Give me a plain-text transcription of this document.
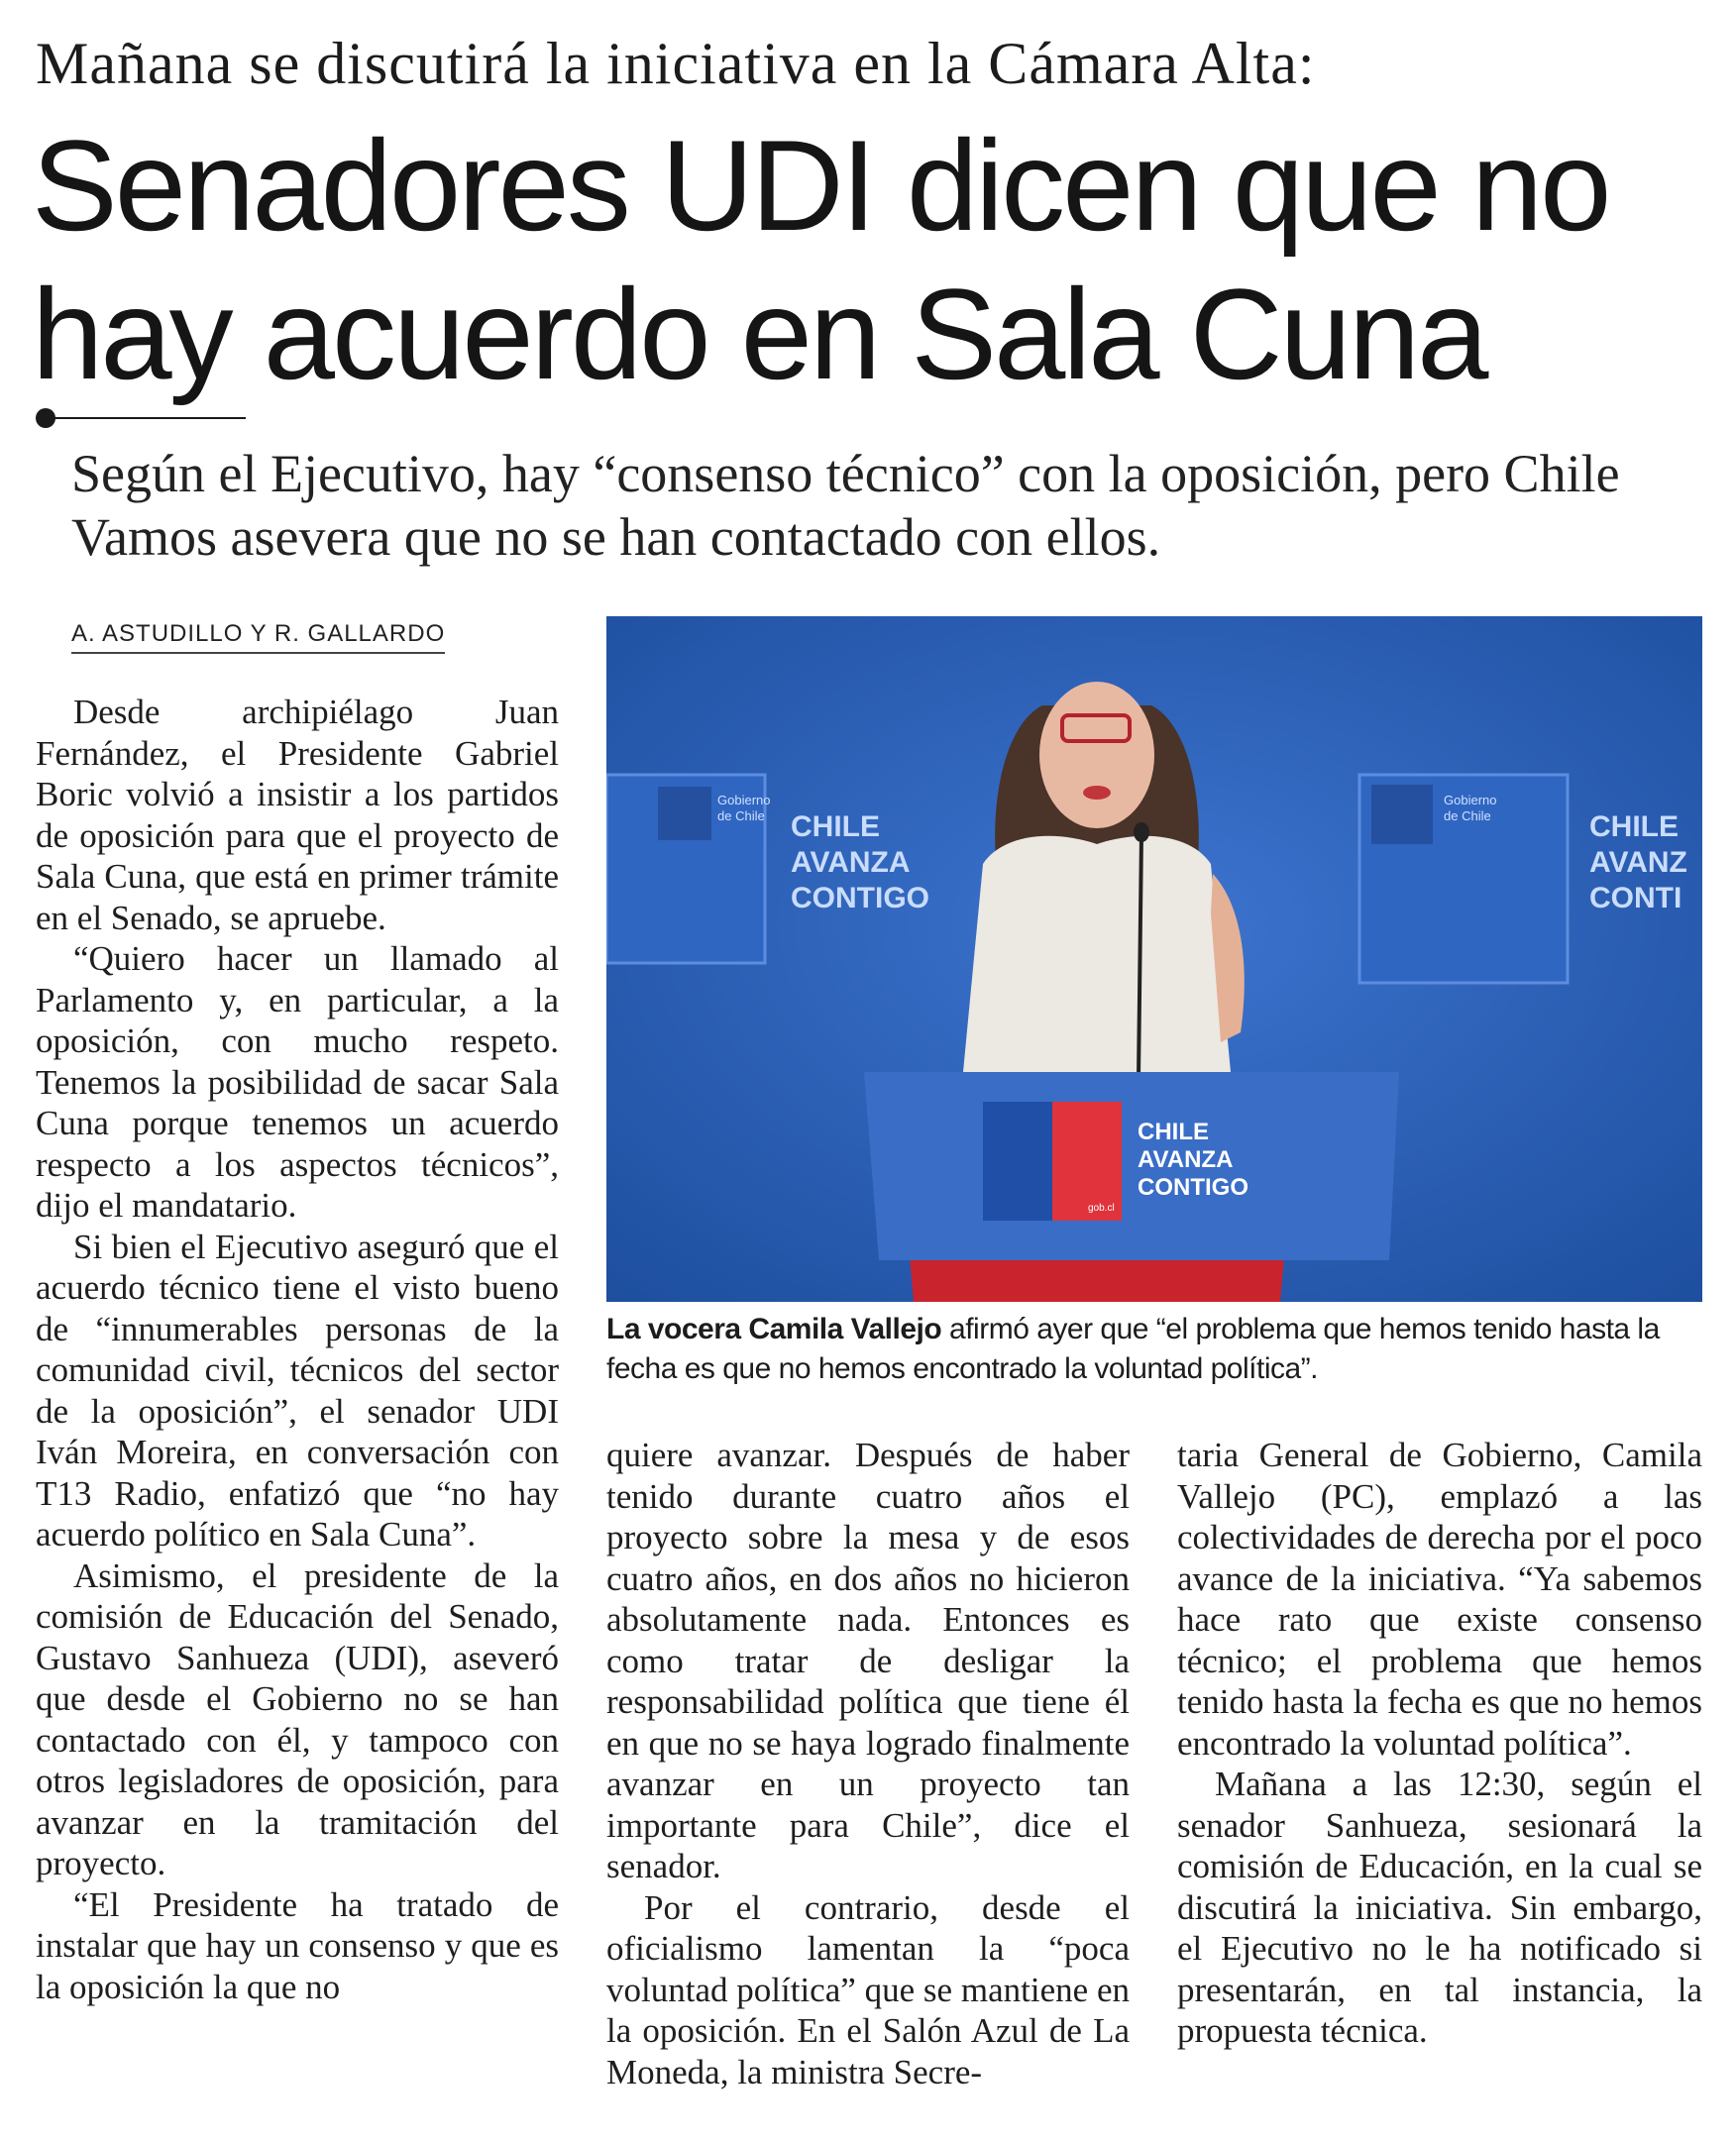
Mañana se discutirá la iniciativa en la Cámara Alta:
Senadores UDI dicen que no hay acuerdo en Sala Cuna
Según el Ejecutivo, hay “consenso técnico” con la oposición, pero Chile Vamos asevera que no se han contactado con ellos.
A. ASTUDILLO Y R. GALLARDO

Desde archipiélago Juan Fernández, el Presidente Gabriel Boric volvió a insistir a los partidos de oposición para que el proyecto de Sala Cuna, que está en primer trámite en el Senado, se apruebe.

“Quiero hacer un llamado al Parlamento y, en particular, a la oposición, con mucho respeto. Tenemos la posibilidad de sacar Sala Cuna porque tenemos un acuerdo respecto a los aspectos técnicos”, dijo el mandatario.

Si bien el Ejecutivo aseguró que el acuerdo técnico tiene el visto bueno de “innumerables personas de la comunidad civil, técnicos del sector de la oposición”, el senador UDI Iván Moreira, en conversación con T13 Radio, enfatizó que “no hay acuerdo político en Sala Cuna”.

Asimismo, el presidente de la comisión de Educación del Senado, Gustavo Sanhueza (UDI), aseveró que desde el Gobierno no se han contactado con él, y tampoco con otros legisladores de oposición, para avanzar en la tramitación del proyecto.

“El Presidente ha tratado de instalar que hay un consenso y que es la oposición la que no

Gobierno
de Chile CHILE
AVANZA
CONTIGO
Gobierno
de Chile	CHILE
AVANZ
CONTI
CHILE
AVANZA
CONTIGO
gob.cl
La vocera Camila Vallejo afirmó ayer que “el problema que hemos tenido hasta la fecha es que no hemos encontrado la voluntad política”.

quiere avanzar. Después de haber tenido durante cuatro años el proyecto sobre la mesa y de esos cuatro años, en dos años no hicieron absolutamente nada. Entonces es como tratar de desligar la responsabilidad política que tiene él en que no se haya logrado finalmente avanzar en un proyecto tan importante para Chile”, dice el senador.

Por el contrario, desde el oficialismo lamentan la “poca voluntad política” que se mantiene en la oposición. En el Salón Azul de La Moneda, la ministra Secre-

taria General de Gobierno, Camila Vallejo (PC), emplazó a las colectividades de derecha por el poco avance de la iniciativa. “Ya sabemos hace rato que existe consenso técnico; el problema que hemos tenido hasta la fecha es que no hemos encontrado la voluntad política”.

Mañana a las 12:30, según el senador Sanhueza, sesionará la comisión de Educación, en la cual se discutirá la iniciativa. Sin embargo, el Ejecutivo no le ha notificado si presentarán, en tal instancia, la propuesta técnica.
